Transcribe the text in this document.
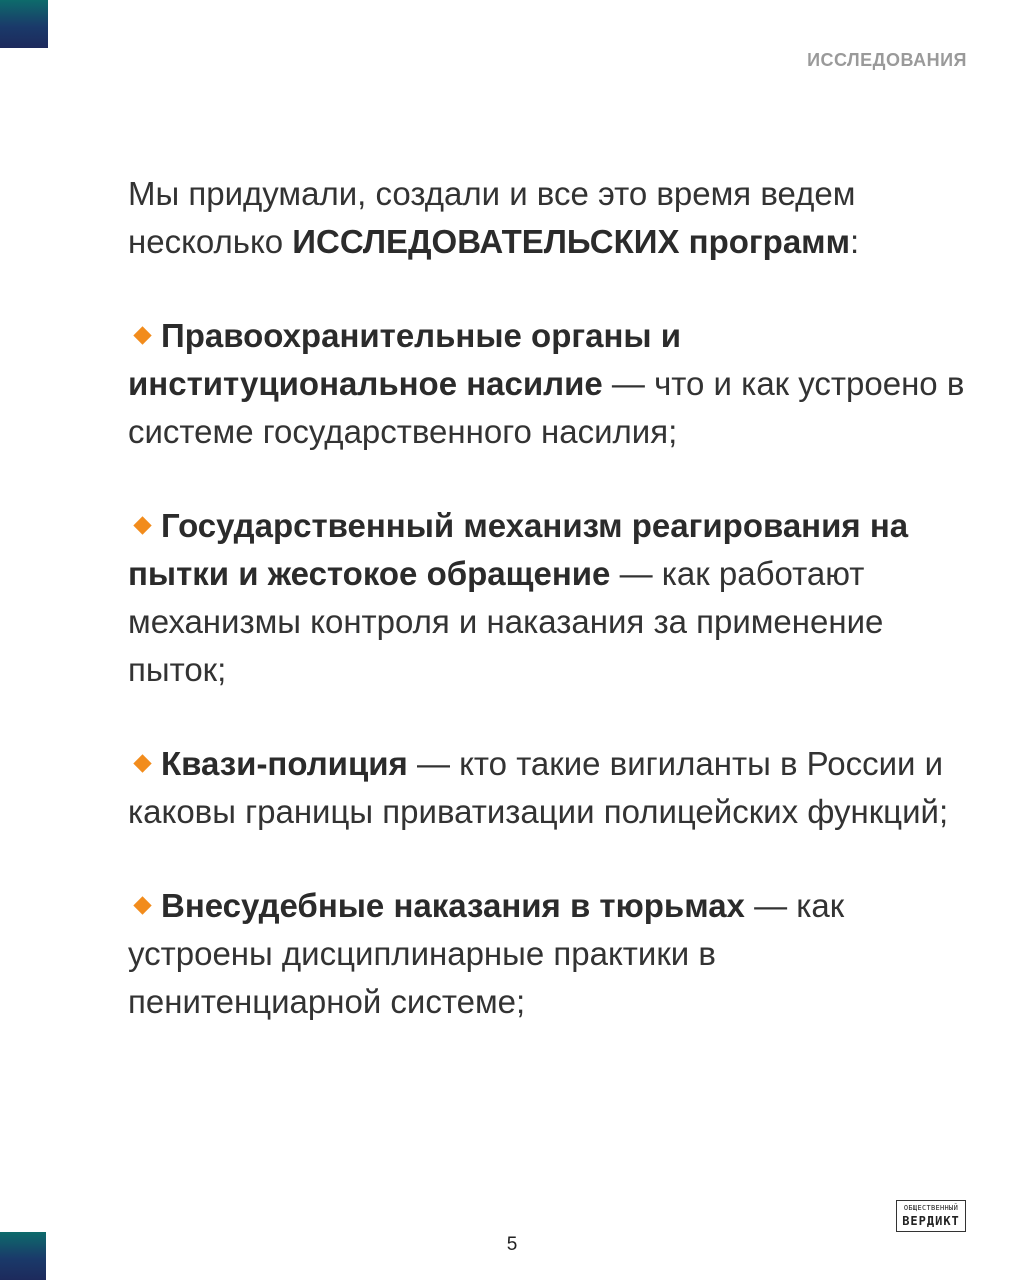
ИССЛЕДОВАНИЯ

Мы придумали, создали и все это время ведем несколько ИССЛЕДОВАТЕЛЬСКИХ программ:

Правоохранительные органы и институциональное насилие — что и как устроено в системе государственного насилия;

Государственный механизм реагирования на пытки и жестокое обращение — как работают механизмы контроля и наказания за применение пыток;

Квази-полиция — кто такие вигиланты в России и каковы границы приватизации полицейских функций;

Внесудебные наказания в тюрьмах — как устроены дисциплинарные практики в пенитенциарной системе;

ОБЩЕСТВЕННЫЙ
ВЕРДИКТ

5
